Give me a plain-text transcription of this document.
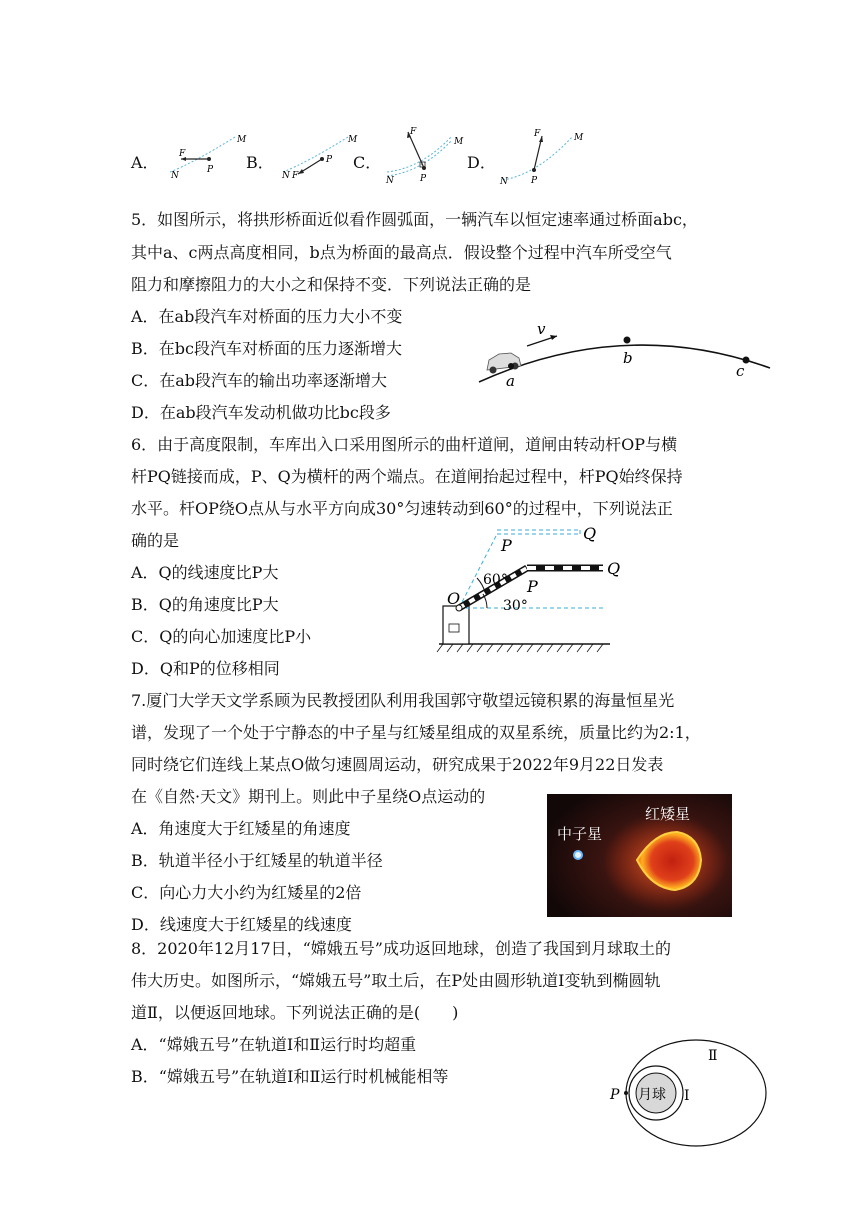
A． F
N
P
M
B．
N F
P
M
C．
F
N	P
M
D．
F
N	P
M
5．如图所示，将拱形桥面近似看作圆弧面，一辆汽车以恒定速率通过桥面abc，
其中a、c两点高度相同，b点为桥面的最高点．假设整个过程中汽车所受空气
阻力和摩擦阻力的大小之和保持不变．下列说法正确的是
A．在ab段汽车对桥面的压力大小不变
B．在bc段汽车对桥面的压力逐渐增大
C．在ab段汽车的输出功率逐渐增大
D．在ab段汽车发动机做功比bc段多
v
a
b
c
6．由于高度限制，车库出入口采用图所示的曲杆道闸，道闸由转动杆OP与横
杆PQ链接而成，P、Q为横杆的两个端点。在道闸抬起过程中，杆PQ始终保持
水平。杆OP绕O点从与水平方向成30°匀速转动到60°的过程中，下列说法正
确的是
A．Q的线速度比P大
B．Q的角速度比P大
C．Q的向心加速度比P小
D．Q和P的位移相同
O
P
Q
P
Q
60°
30°
7.厦门大学天文学系顾为民教授团队利用我国郭守敬望远镜积累的海量恒星光
谱，发现了一个处于宁静态的中子星与红矮星组成的双星系统，质量比约为2:1，
同时绕它们连线上某点O做匀速圆周运动，研究成果于2022年9月22日发表
在《自然·天文》期刊上。则此中子星绕O点运动的
A．角速度大于红矮星的角速度
B．轨道半径小于红矮星的轨道半径
C．向心力大小约为红矮星的2倍
D．线速度大于红矮星的线速度
红矮星
中子星
8．2020年12月17日，“嫦娥五号”成功返回地球，创造了我国到月球取土的
伟大历史。如图所示，“嫦娥五号”取土后，在P处由圆形轨道Ⅰ变轨到椭圆轨
道Ⅱ，以便返回地球。下列说法正确的是(　　)
A．“嫦娥五号”在轨道Ⅰ和Ⅱ运行时均超重
B．“嫦娥五号”在轨道Ⅰ和Ⅱ运行时机械能相等
月球
P	Ⅰ
Ⅱ
